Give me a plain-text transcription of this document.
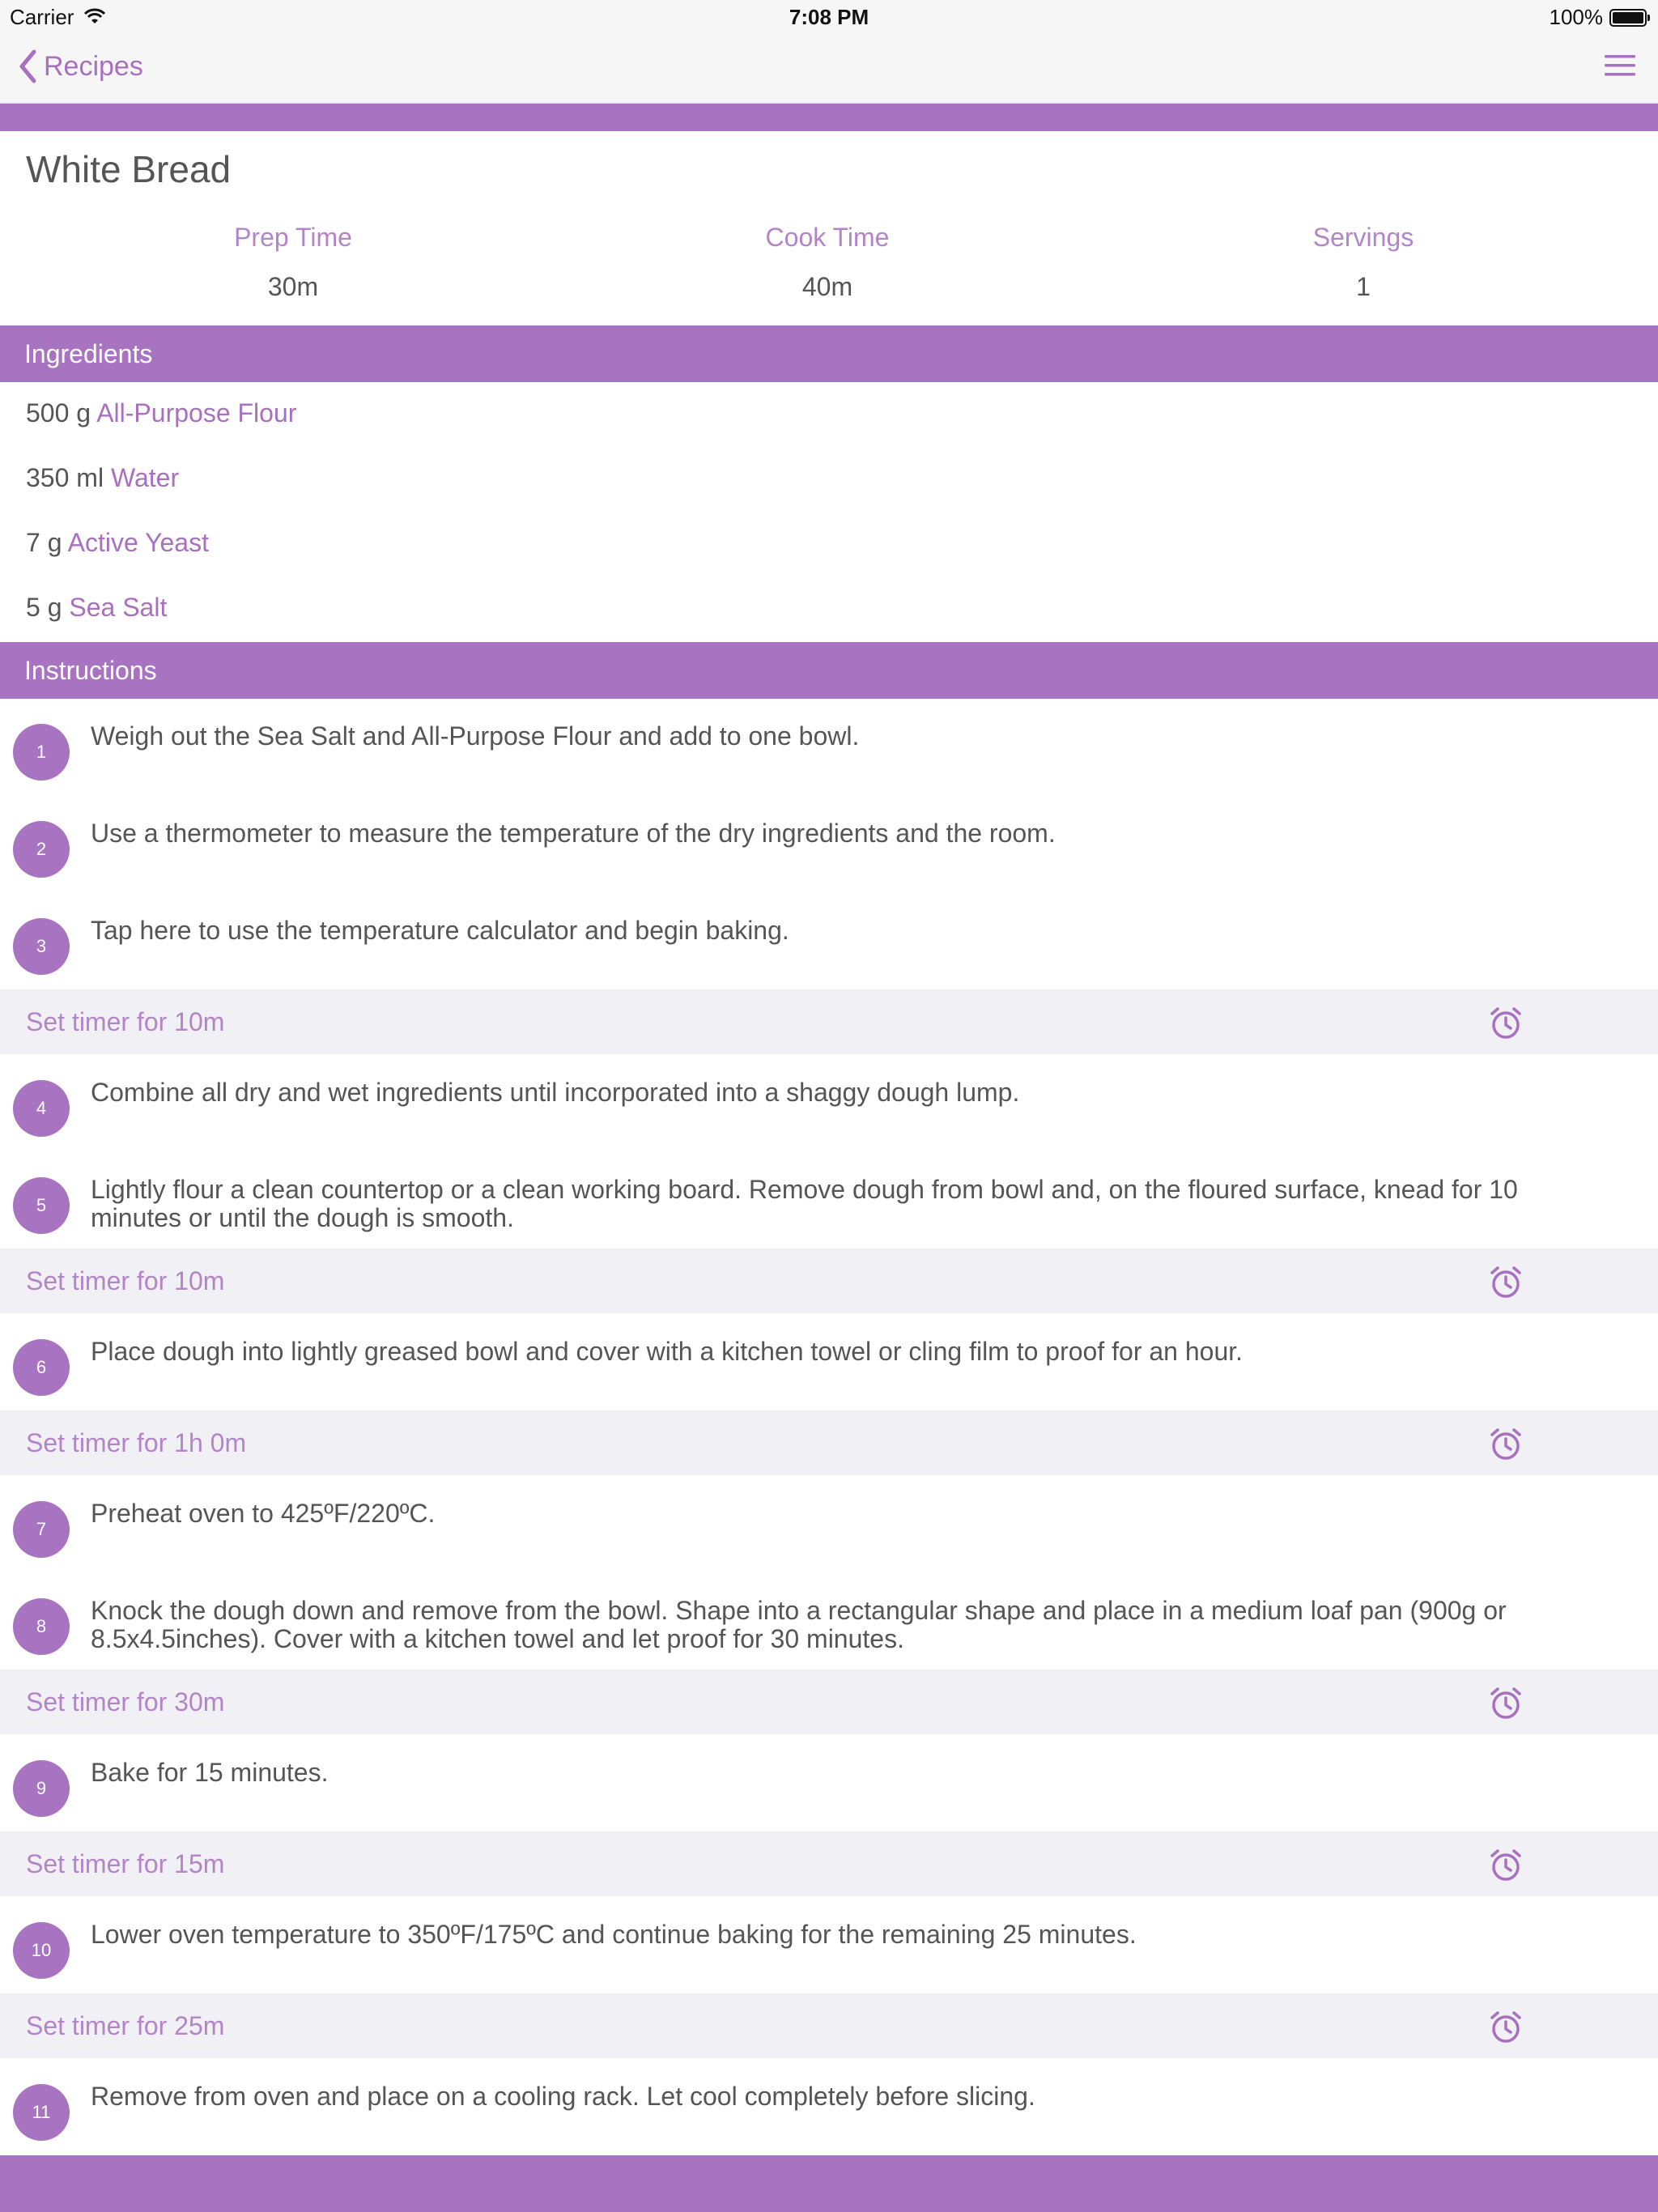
Carrier	7:08 PM	100%
Recipes
White Bread
Prep Time
30m
Cook Time
40m
Servings
1
Ingredients
500 g All-Purpose Flour
350 ml Water
7 g Active Yeast
5 g Sea Salt
Instructions
1
Weigh out the Sea Salt and All-Purpose Flour and add to one bowl.
2
Use a thermometer to measure the temperature of the dry ingredients and the room.
3
Tap here to use the temperature calculator and begin baking.
Set timer for 10m
4
Combine all dry and wet ingredients until incorporated into a shaggy dough lump.
5
Lightly flour a clean countertop or a clean working board. Remove dough from bowl and, on the floured surface, knead for 10 minutes or until the dough is smooth.
Set timer for 10m
6
Place dough into lightly greased bowl and cover with a kitchen towel or cling film to proof for an hour.
Set timer for 1h 0m
7
Preheat oven to 425ºF/220ºC.
8
Knock the dough down and remove from the bowl. Shape into a rectangular shape and place in a medium loaf pan (900g or 8.5x4.5inches). Cover with a kitchen towel and let proof for 30 minutes.
Set timer for 30m
9
Bake for 15 minutes.
Set timer for 15m
10
Lower oven temperature to 350ºF/175ºC and continue baking for the remaining 25 minutes.
Set timer for 25m
11
Remove from oven and place on a cooling rack. Let cool completely before slicing.
